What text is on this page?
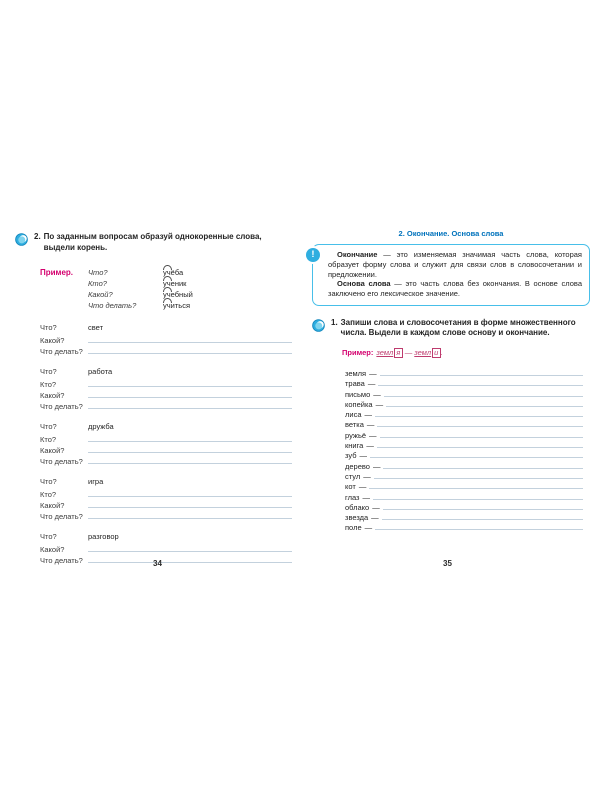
2. По заданным вопросам образуй однокоренные слова, выдели корень.
Пример.	Что?	учёба
Кто?	ученик
Какой?	учебный
Что делать?	учиться
Что?	свет
Какой?
Что делать?
Что?	работа
Кто?
Какой?
Что делать?
Что?	дружба
Кто?
Какой?
Что делать?
Что?	игра
Кто?
Какой?
Что делать?
Что?	разговор
Какой?
Что делать?
2. Окончание. Основа слова
!	Окончание — это изменяемая значимая часть слова, которая образует форму слова и служит для связи слов в словосочетании и предложении.

Основа слова — это часть слова без окончания. В основе слова заключено его лексическое значение.

1. Запиши слова и словосочетания в форме множественного числа. Выдели в каждом слове основу и окончание.
Пример: земл я — земл и .
земля —
трава —
письмо —
копейка —
лиса —
ветка —
ружьё —
книга —
зуб —
дерево —
стул —
кот —
глаз —
облако —
звезда —
поле —
34	35
